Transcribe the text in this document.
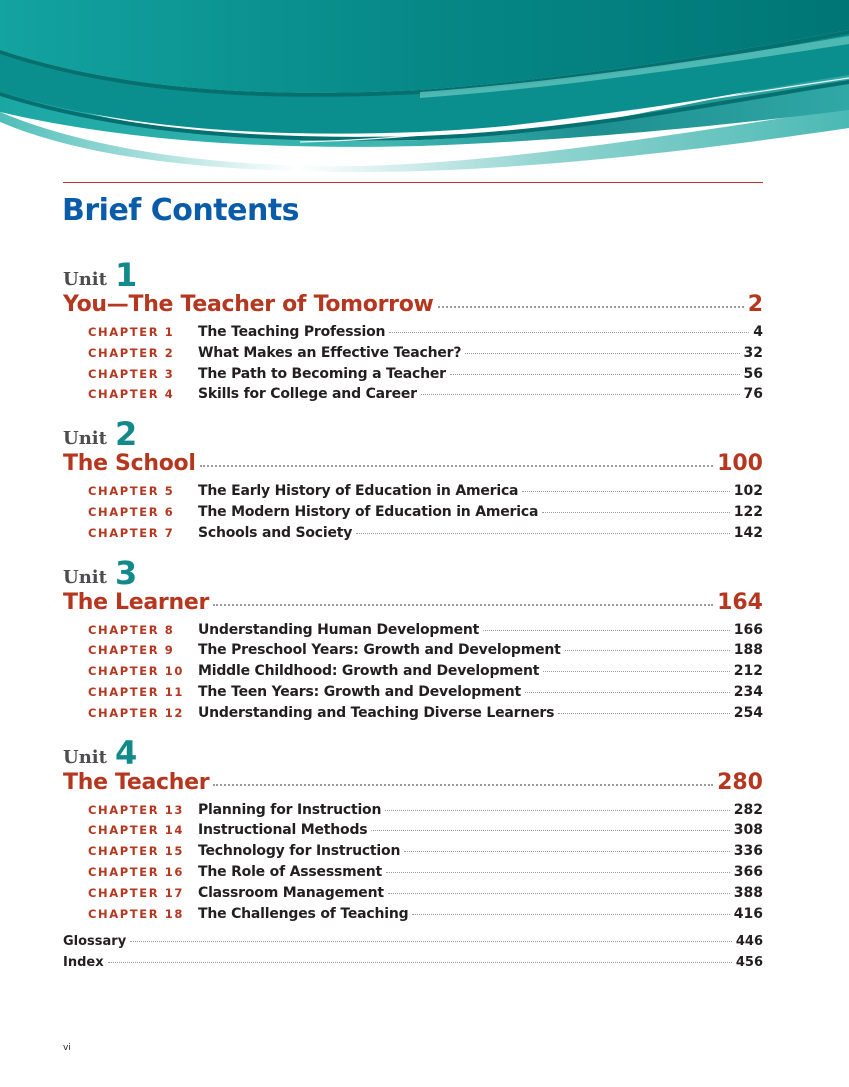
Brief Contents
Unit 1
You—The Teacher of Tomorrow	2
CHAPTER 1	The Teaching Profession	4
CHAPTER 2	What Makes an Effective Teacher?	32
CHAPTER 3	The Path to Becoming a Teacher	56
CHAPTER 4	Skills for College and Career	76
Unit 2
The School	100
CHAPTER 5	The Early History of Education in America	102
CHAPTER 6	The Modern History of Education in America	122
CHAPTER 7	Schools and Society	142
Unit 3
The Learner	164
CHAPTER 8	Understanding Human Development	166
CHAPTER 9	The Preschool Years: Growth and Development	188
CHAPTER 10	Middle Childhood: Growth and Development	212
CHAPTER 11	The Teen Years: Growth and Development	234
CHAPTER 12	Understanding and Teaching Diverse Learners	254
Unit 4
The Teacher	280
CHAPTER 13	Planning for Instruction	282
CHAPTER 14	Instructional Methods	308
CHAPTER 15	Technology for Instruction	336
CHAPTER 16	The Role of Assessment	366
CHAPTER 17	Classroom Management	388
CHAPTER 18	The Challenges of Teaching	416
Glossary	446
Index	456
vi
